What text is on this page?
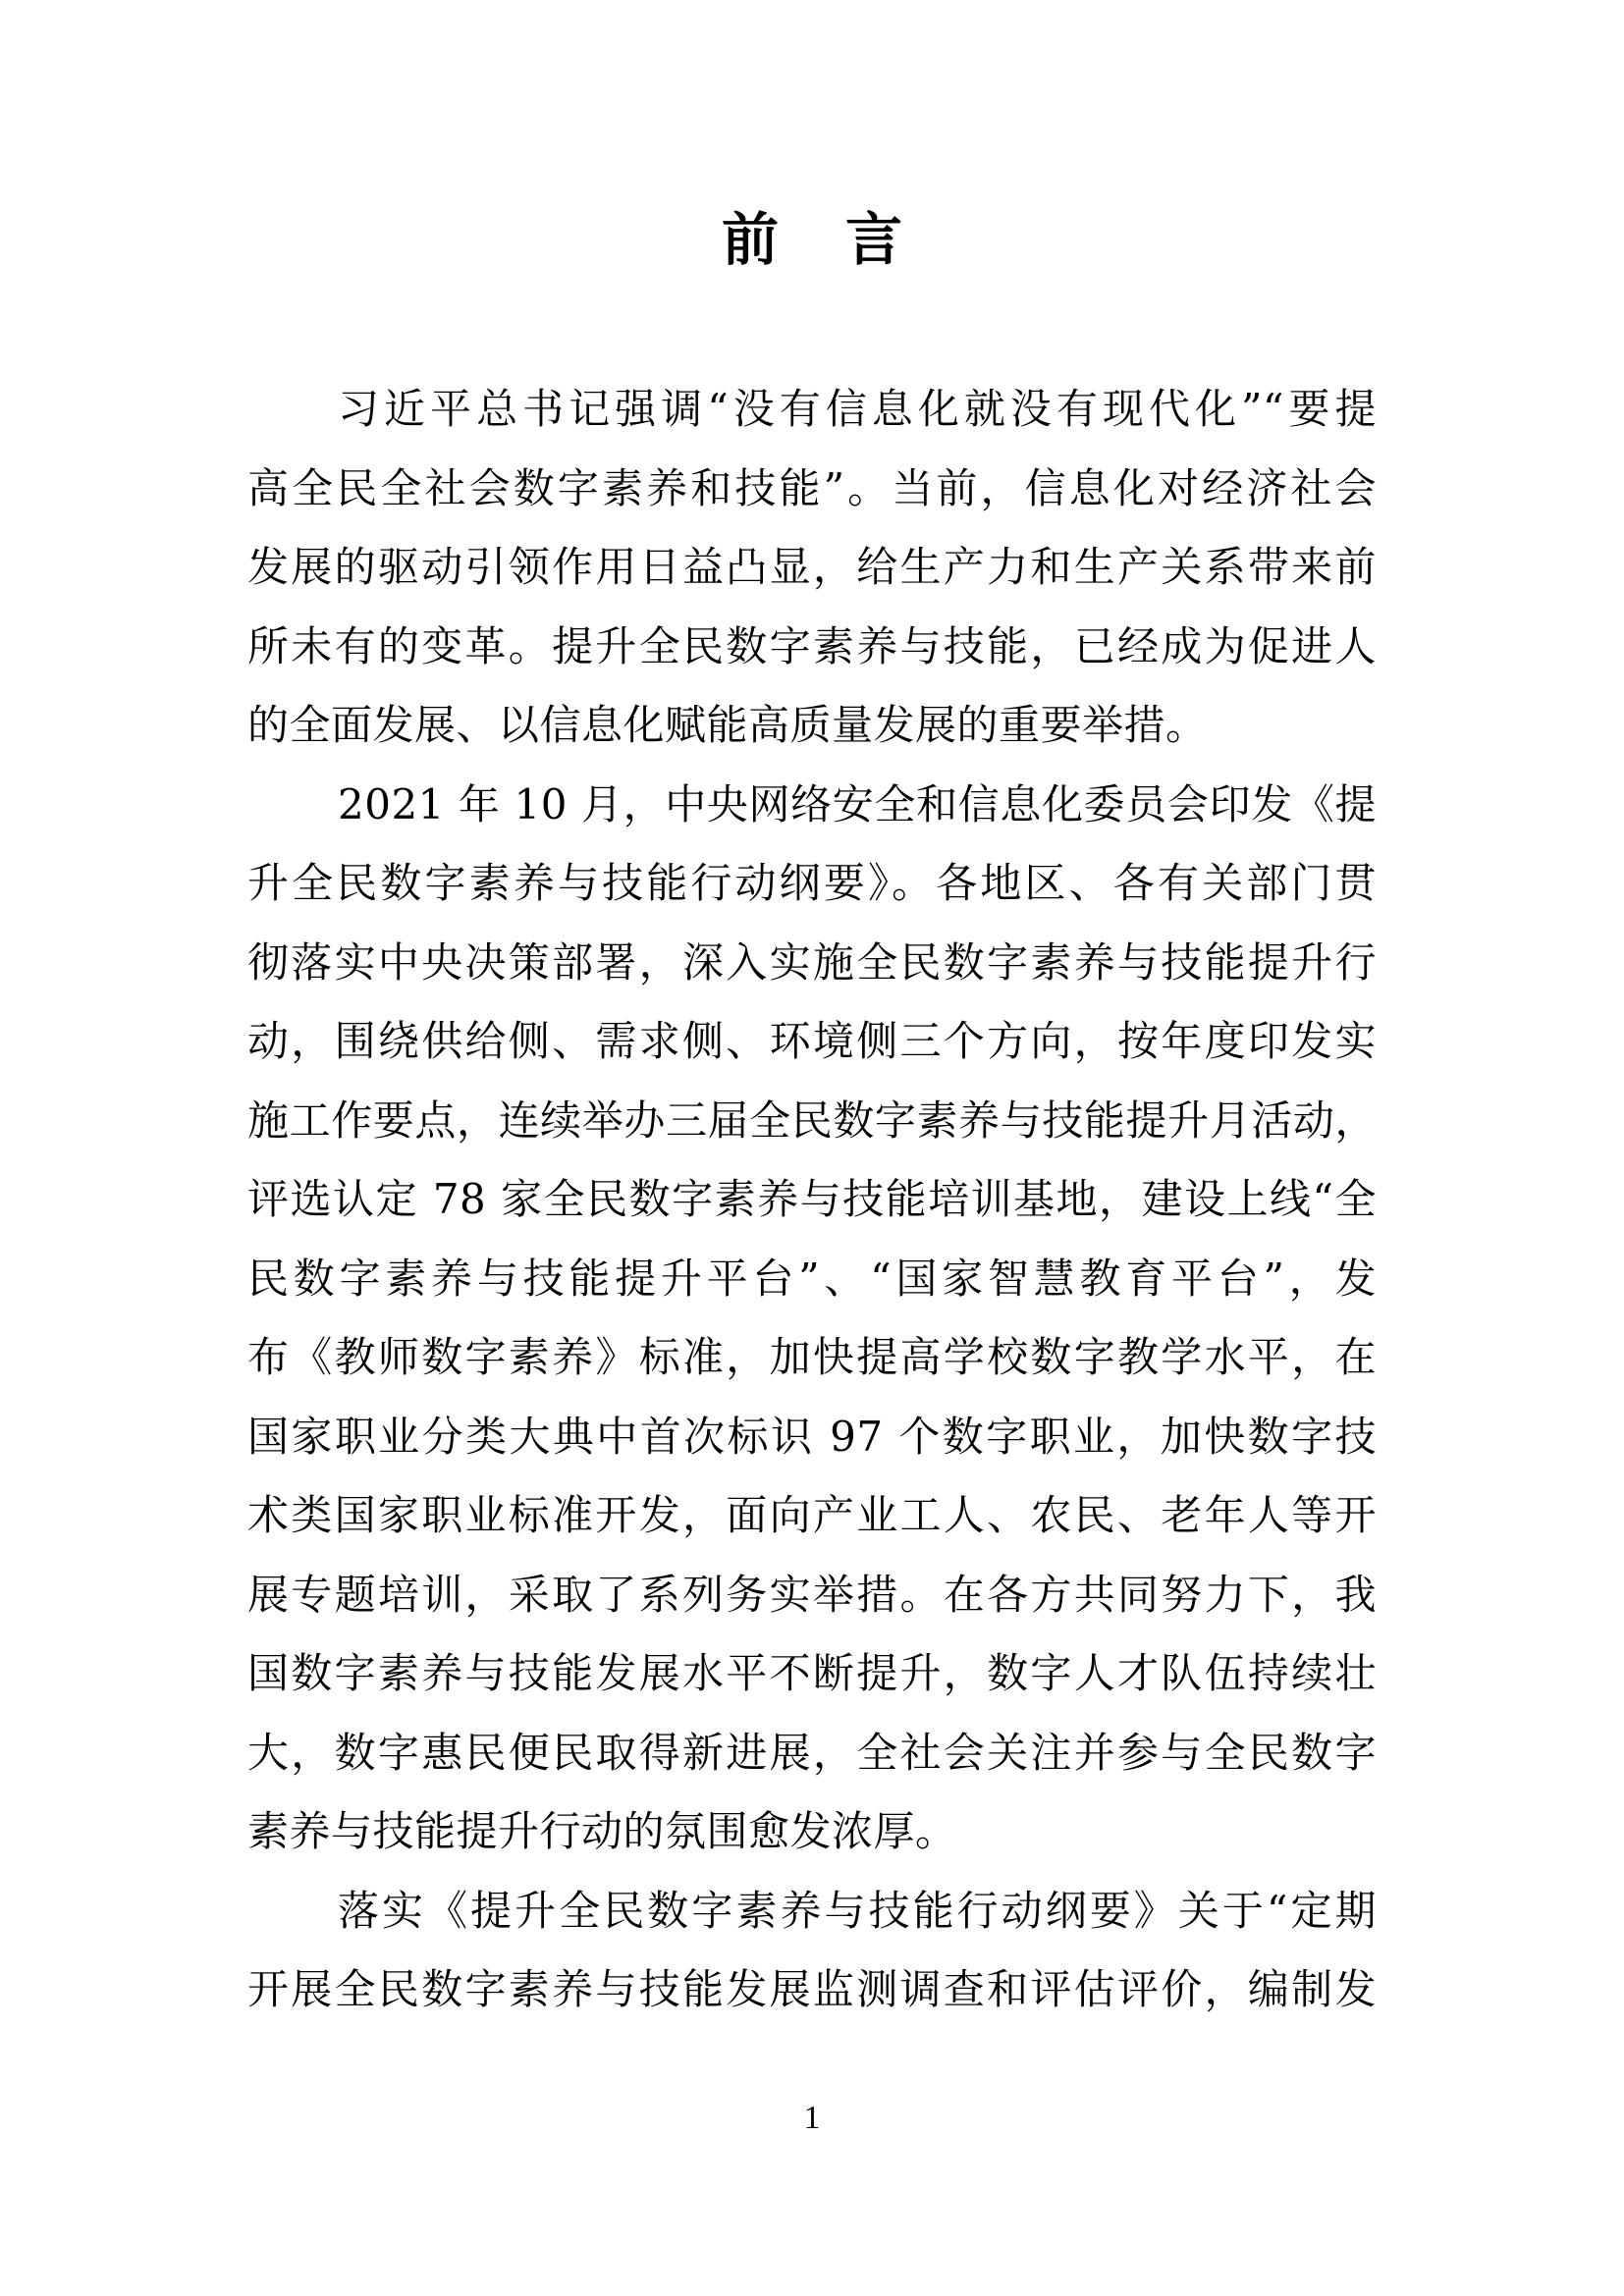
前 言
习近平总书记强调“没有信息化就没有现代化”“要提
高全民全社会数字素养和技能”。当前，信息化对经济社会
发展的驱动引领作用日益凸显，给生产力和生产关系带来前
所未有的变革。提升全民数字素养与技能，已经成为促进人
的全面发展、以信息化赋能高质量发展的重要举措。
2021 年 10 月，中央网络安全和信息化委员会印发《提
升全民数字素养与技能行动纲要》。各地区、各有关部门贯
彻落实中央决策部署，深入实施全民数字素养与技能提升行
动，围绕供给侧、需求侧、环境侧三个方向，按年度印发实
施工作要点，连续举办三届全民数字素养与技能提升月活动，
评选认定 78 家全民数字素养与技能培训基地，建设上线“全
民数字素养与技能提升平台”、“国家智慧教育平台”，发
布《教师数字素养》标准，加快提高学校数字教学水平，在
国家职业分类大典中首次标识 97 个数字职业，加快数字技
术类国家职业标准开发，面向产业工人、农民、老年人等开
展专题培训，采取了系列务实举措。在各方共同努力下，我
国数字素养与技能发展水平不断提升，数字人才队伍持续壮
大，数字惠民便民取得新进展，全社会关注并参与全民数字
素养与技能提升行动的氛围愈发浓厚。
落实《提升全民数字素养与技能行动纲要》关于“定期
开展全民数字素养与技能发展监测调查和评估评价，编制发
1
